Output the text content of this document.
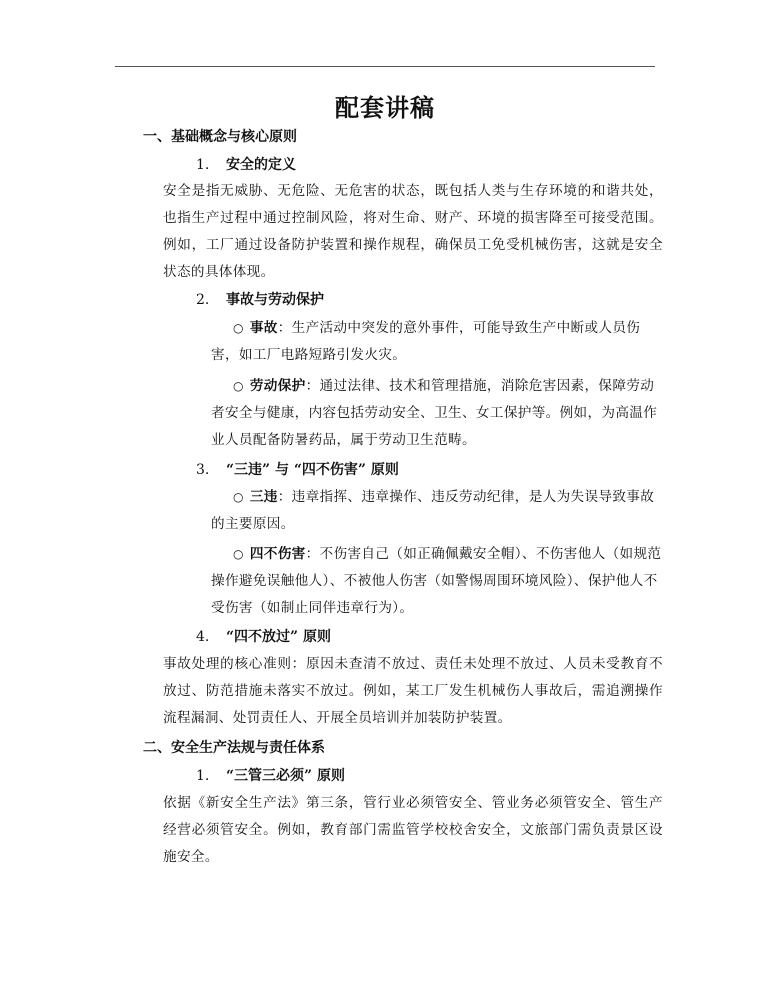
配套讲稿
一、基础概念与核心原则
1. 安全的定义
安全是指无威胁、无危险、无危害的状态，既包括人类与生存环境的和谐共处，也指生产过程中通过控制风险，将对生命、财产、环境的损害降至可接受范围。例如，工厂通过设备防护装置和操作规程，确保员工免受机械伤害，这就是安全状态的具体体现。
2. 事故与劳动保护
○ 事故：生产活动中突发的意外事件，可能导致生产中断或人员伤害，如工厂电路短路引发火灾。
○ 劳动保护：通过法律、技术和管理措施，消除危害因素，保障劳动者安全与健康，内容包括劳动安全、卫生、女工保护等。例如，为高温作业人员配备防暑药品，属于劳动卫生范畴。
3. “三违” 与 “四不伤害” 原则
○ 三违：违章指挥、违章操作、违反劳动纪律，是人为失误导致事故的主要原因。
○ 四不伤害：不伤害自己（如正确佩戴安全帽）、不伤害他人（如规范操作避免误触他人）、不被他人伤害（如警惕周围环境风险）、保护他人不受伤害（如制止同伴违章行为）。
4. “四不放过” 原则
事故处理的核心准则：原因未查清不放过、责任未处理不放过、人员未受教育不放过、防范措施未落实不放过。例如，某工厂发生机械伤人事故后，需追溯操作流程漏洞、处罚责任人、开展全员培训并加装防护装置。
二、安全生产法规与责任体系
1. “三管三必须” 原则
依据《新安全生产法》第三条，管行业必须管安全、管业务必须管安全、管生产经营必须管安全。例如，教育部门需监管学校校舍安全，文旅部门需负责景区设施安全。
